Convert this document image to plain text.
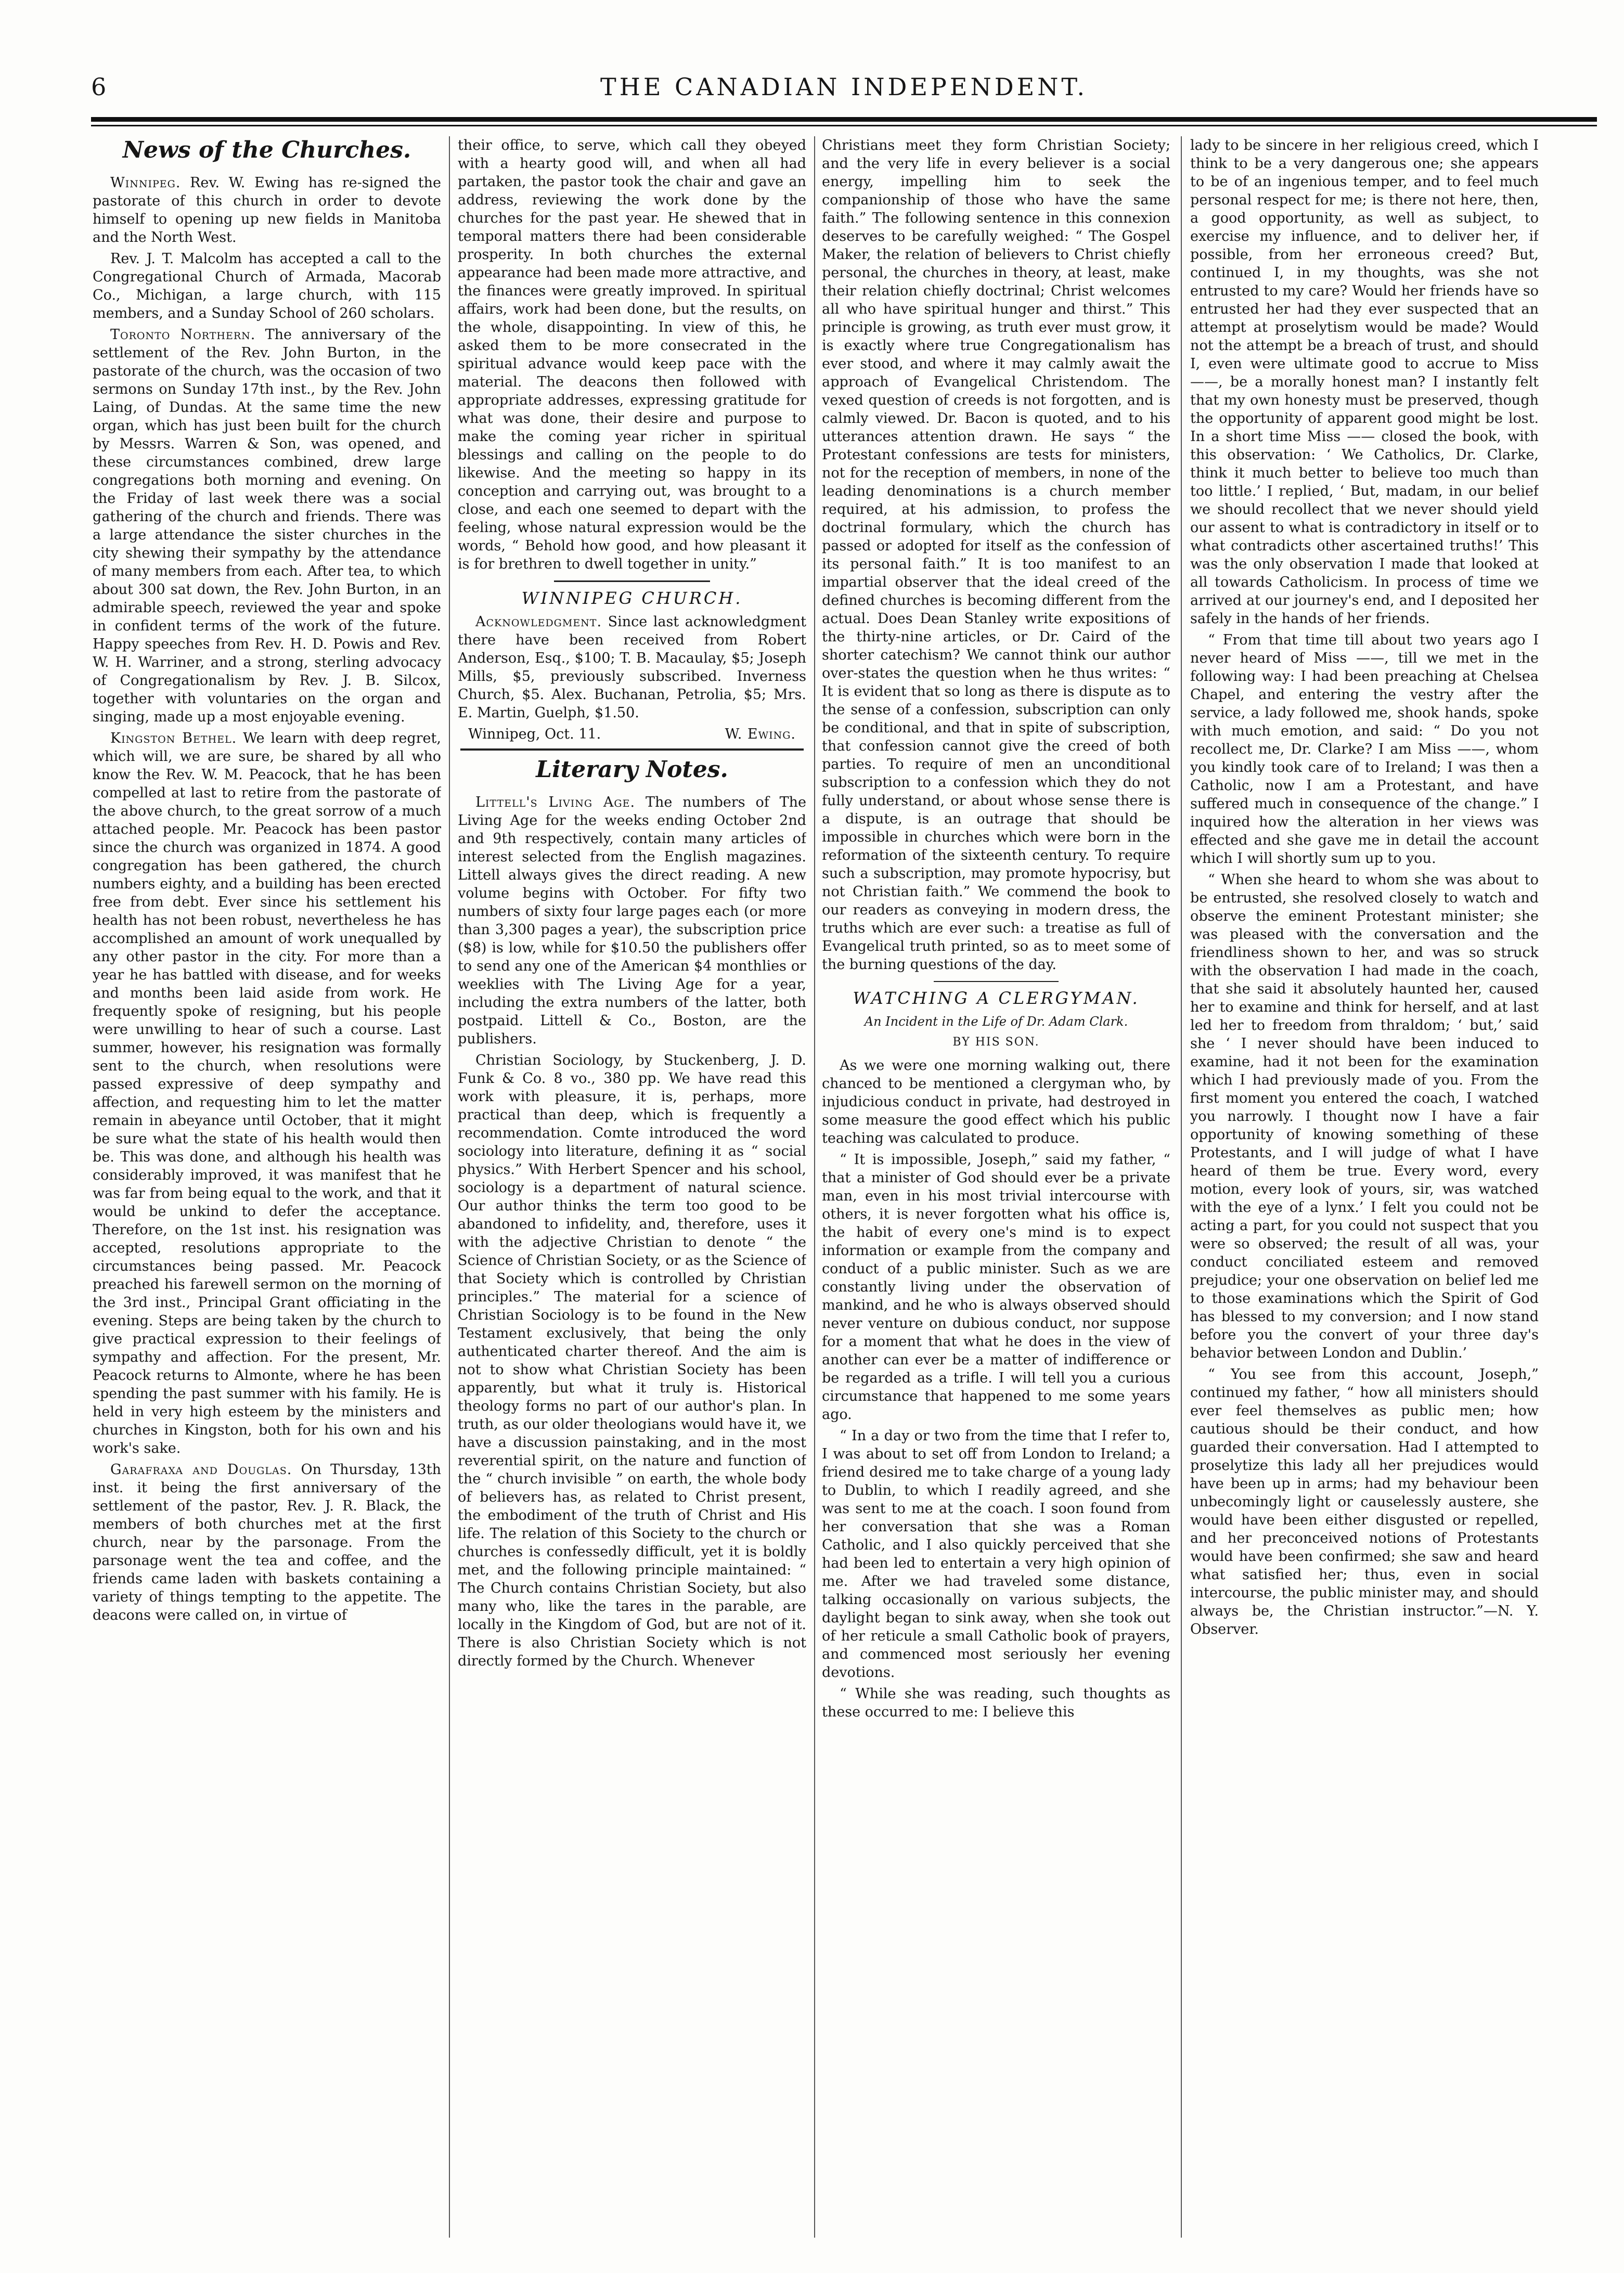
6	THE CANADIAN INDEPENDENT.
News of the Churches.

Winnipeg. Rev. W. Ewing has re-signed the pastorate of this church in order to devote himself to opening up new fields in Manitoba and the North West.

Rev. J. T. Malcolm has accepted a call to the Congregational Church of Armada, Macorab Co., Michigan, a large church, with 115 members, and a Sunday School of 260 scholars.

Toronto Northern. The anniversary of the settlement of the Rev. John Burton, in the pastorate of the church, was the occasion of two sermons on Sunday 17th inst., by the Rev. John Laing, of Dundas. At the same time the new organ, which has just been built for the church by Messrs. Warren & Son, was opened, and these circumstances combined, drew large congregations both morning and evening. On the Friday of last week there was a social gathering of the church and friends. There was a large attendance the sister churches in the city shewing their sympathy by the attendance of many members from each. After tea, to which about 300 sat down, the Rev. John Burton, in an admirable speech, reviewed the year and spoke in confident terms of the work of the future. Happy speeches from Rev. H. D. Powis and Rev. W. H. Warriner, and a strong, sterling advocacy of Congregationalism by Rev. J. B. Silcox, together with voluntaries on the organ and singing, made up a most enjoyable evening.

Kingston Bethel. We learn with deep regret, which will, we are sure, be shared by all who know the Rev. W. M. Peacock, that he has been compelled at last to retire from the pastorate of the above church, to the great sorrow of a much attached people. Mr. Peacock has been pastor since the church was organized in 1874. A good congregation has been gathered, the church numbers eighty, and a building has been erected free from debt. Ever since his settlement his health has not been robust, nevertheless he has accomplished an amount of work unequalled by any other pastor in the city. For more than a year he has battled with disease, and for weeks and months been laid aside from work. He frequently spoke of resigning, but his people were unwilling to hear of such a course. Last summer, however, his resignation was formally sent to the church, when resolutions were passed expressive of deep sympathy and affection, and requesting him to let the matter remain in abeyance until October, that it might be sure what the state of his health would then be. This was done, and although his health was considerably improved, it was manifest that he was far from being equal to the work, and that it would be unkind to defer the acceptance. Therefore, on the 1st inst. his resignation was accepted, resolutions appropriate to the circumstances being passed. Mr. Peacock preached his farewell sermon on the morning of the 3rd inst., Principal Grant officiating in the evening. Steps are being taken by the church to give practical expression to their feelings of sympathy and affection. For the present, Mr. Peacock returns to Almonte, where he has been spending the past summer with his family. He is held in very high esteem by the ministers and churches in Kingston, both for his own and his work's sake.

Garafraxa and Douglas. On Thursday, 13th inst. it being the first anniversary of the settlement of the pastor, Rev. J. R. Black, the members of both churches met at the first church, near by the parsonage. From the parsonage went the tea and coffee, and the friends came laden with baskets containing a variety of things tempting to the appetite. The deacons were called on, in virtue of

their office, to serve, which call they obeyed with a hearty good will, and when all had partaken, the pastor took the chair and gave an address, reviewing the work done by the churches for the past year. He shewed that in temporal matters there had been considerable prosperity. In both churches the external appearance had been made more attractive, and the finances were greatly improved. In spiritual affairs, work had been done, but the results, on the whole, disappointing. In view of this, he asked them to be more consecrated in the spiritual advance would keep pace with the material. The deacons then followed with appropriate addresses, expressing gratitude for what was done, their desire and purpose to make the coming year richer in spiritual blessings and calling on the people to do likewise. And the meeting so happy in its conception and carrying out, was brought to a close, and each one seemed to depart with the feeling, whose natural expression would be the words, “ Behold how good, and how pleasant it is for brethren to dwell together in unity.”

WINNIPEG CHURCH.

Acknowledgment. Since last acknowledgment there have been received from Robert Anderson, Esq., $100; T. B. Macaulay, $5; Joseph Mills, $5, previously subscribed. Inverness Church, $5. Alex. Buchanan, Petrolia, $5; Mrs. E. Martin, Guelph, $1.50.

Winnipeg, Oct. 11.	W. Ewing.
Literary Notes.

Littell's Living Age. The numbers of The Living Age for the weeks ending October 2nd and 9th respectively, contain many articles of interest selected from the English magazines. Littell always gives the direct reading. A new volume begins with October. For fifty two numbers of sixty four large pages each (or more than 3,300 pages a year), the subscription price ($8) is low, while for $10.50 the publishers offer to send any one of the American $4 monthlies or weeklies with The Living Age for a year, including the extra numbers of the latter, both postpaid. Littell & Co., Boston, are the publishers.

Christian Sociology, by Stuckenberg, J. D. Funk & Co. 8 vo., 380 pp. We have read this work with pleasure, it is, perhaps, more practical than deep, which is frequently a recommendation. Comte introduced the word sociology into literature, defining it as “ social physics.” With Herbert Spencer and his school, sociology is a department of natural science. Our author thinks the term too good to be abandoned to infidelity, and, therefore, uses it with the adjective Christian to denote “ the Science of Christian Society, or as the Science of that Society which is controlled by Christian principles.” The material for a science of Christian Sociology is to be found in the New Testament exclusively, that being the only authenticated charter thereof. And the aim is not to show what Christian Society has been apparently, but what it truly is. Historical theology forms no part of our author's plan. In truth, as our older theologians would have it, we have a discussion painstaking, and in the most reverential spirit, on the nature and function of the “ church invisible ” on earth, the whole body of believers has, as related to Christ present, the embodiment of the truth of Christ and His life. The relation of this Society to the church or churches is confessedly difficult, yet it is boldly met, and the following principle maintained: “ The Church contains Christian Society, but also many who, like the tares in the parable, are locally in the Kingdom of God, but are not of it. There is also Christian Society which is not directly formed by the Church. Whenever

Christians meet they form Christian Society; and the very life in every believer is a social energy, impelling him to seek the companionship of those who have the same faith.” The following sentence in this connexion deserves to be carefully weighed: “ The Gospel Maker, the relation of believers to Christ chiefly personal, the churches in theory, at least, make their relation chiefly doctrinal; Christ welcomes all who have spiritual hunger and thirst.” This principle is growing, as truth ever must grow, it is exactly where true Congregationalism has ever stood, and where it may calmly await the approach of Evangelical Christendom. The vexed question of creeds is not forgotten, and is calmly viewed. Dr. Bacon is quoted, and to his utterances attention drawn. He says “ the Protestant confessions are tests for ministers, not for the reception of members, in none of the leading denominations is a church member required, at his admission, to profess the doctrinal formulary, which the church has passed or adopted for itself as the confession of its personal faith.” It is too manifest to an impartial observer that the ideal creed of the defined churches is becoming different from the actual. Does Dean Stanley write expositions of the thirty-nine articles, or Dr. Caird of the shorter catechism? We cannot think our author over-states the question when he thus writes: “ It is evident that so long as there is dispute as to the sense of a confession, subscription can only be conditional, and that in spite of subscription, that confession cannot give the creed of both parties. To require of men an unconditional subscription to a confession which they do not fully understand, or about whose sense there is a dispute, is an outrage that should be impossible in churches which were born in the reformation of the sixteenth century. To require such a subscription, may promote hypocrisy, but not Christian faith.” We commend the book to our readers as conveying in modern dress, the truths which are ever such: a treatise as full of Evangelical truth printed, so as to meet some of the burning questions of the day.

WATCHING A CLERGYMAN.
An Incident in the Life of Dr. Adam Clark.
BY HIS SON.

As we were one morning walking out, there chanced to be mentioned a clergyman who, by injudicious conduct in private, had destroyed in some measure the good effect which his public teaching was calculated to produce.

“ It is impossible, Joseph,” said my father, “ that a minister of God should ever be a private man, even in his most trivial intercourse with others, it is never forgotten what his office is, the habit of every one's mind is to expect information or example from the company and conduct of a public minister. Such as we are constantly living under the observation of mankind, and he who is always observed should never venture on dubious conduct, nor suppose for a moment that what he does in the view of another can ever be a matter of indifference or be regarded as a trifle. I will tell you a curious circumstance that happened to me some years ago.

“ In a day or two from the time that I refer to, I was about to set off from London to Ireland; a friend desired me to take charge of a young lady to Dublin, to which I readily agreed, and she was sent to me at the coach. I soon found from her conversation that she was a Roman Catholic, and I also quickly perceived that she had been led to entertain a very high opinion of me. After we had traveled some distance, talking occasionally on various subjects, the daylight began to sink away, when she took out of her reticule a small Catholic book of prayers, and commenced most seriously her evening devotions.

“ While she was reading, such thoughts as these occurred to me: I believe this

lady to be sincere in her religious creed, which I think to be a very dangerous one; she appears to be of an ingenious temper, and to feel much personal respect for me; is there not here, then, a good opportunity, as well as subject, to exercise my influence, and to deliver her, if possible, from her erroneous creed? But, continued I, in my thoughts, was she not entrusted to my care? Would her friends have so entrusted her had they ever suspected that an attempt at proselytism would be made? Would not the attempt be a breach of trust, and should I, even were ultimate good to accrue to Miss ——, be a morally honest man? I instantly felt that my own honesty must be preserved, though the opportunity of apparent good might be lost. In a short time Miss —— closed the book, with this observation: ‘ We Catholics, Dr. Clarke, think it much better to believe too much than too little.’ I replied, ‘ But, madam, in our belief we should recollect that we never should yield our assent to what is contradictory in itself or to what contradicts other ascertained truths!’ This was the only observation I made that looked at all towards Catholicism. In process of time we arrived at our journey's end, and I deposited her safely in the hands of her friends.

“ From that time till about two years ago I never heard of Miss ——, till we met in the following way: I had been preaching at Chelsea Chapel, and entering the vestry after the service, a lady followed me, shook hands, spoke with much emotion, and said: “ Do you not recollect me, Dr. Clarke? I am Miss ——, whom you kindly took care of to Ireland; I was then a Catholic, now I am a Protestant, and have suffered much in consequence of the change.” I inquired how the alteration in her views was effected and she gave me in detail the account which I will shortly sum up to you.

“ When she heard to whom she was about to be entrusted, she resolved closely to watch and observe the eminent Protestant minister; she was pleased with the conversation and the friendliness shown to her, and was so struck with the observation I had made in the coach, that she said it absolutely haunted her, caused her to examine and think for herself, and at last led her to freedom from thraldom; ‘ but,’ said she ‘ I never should have been induced to examine, had it not been for the examination which I had previously made of you. From the first moment you entered the coach, I watched you narrowly. I thought now I have a fair opportunity of knowing something of these Protestants, and I will judge of what I have heard of them be true. Every word, every motion, every look of yours, sir, was watched with the eye of a lynx.’ I felt you could not be acting a part, for you could not suspect that you were so observed; the result of all was, your conduct conciliated esteem and removed prejudice; your one observation on belief led me to those examinations which the Spirit of God has blessed to my conversion; and I now stand before you the convert of your three day's behavior between London and Dublin.’

“ You see from this account, Joseph,” continued my father, “ how all ministers should ever feel themselves as public men; how cautious should be their conduct, and how guarded their conversation. Had I attempted to proselytize this lady all her prejudices would have been up in arms; had my behaviour been unbecomingly light or causelessly austere, she would have been either disgusted or repelled, and her preconceived notions of Protestants would have been confirmed; she saw and heard what satisfied her; thus, even in social intercourse, the public minister may, and should always be, the Christian instructor.”—N. Y. Observer.
